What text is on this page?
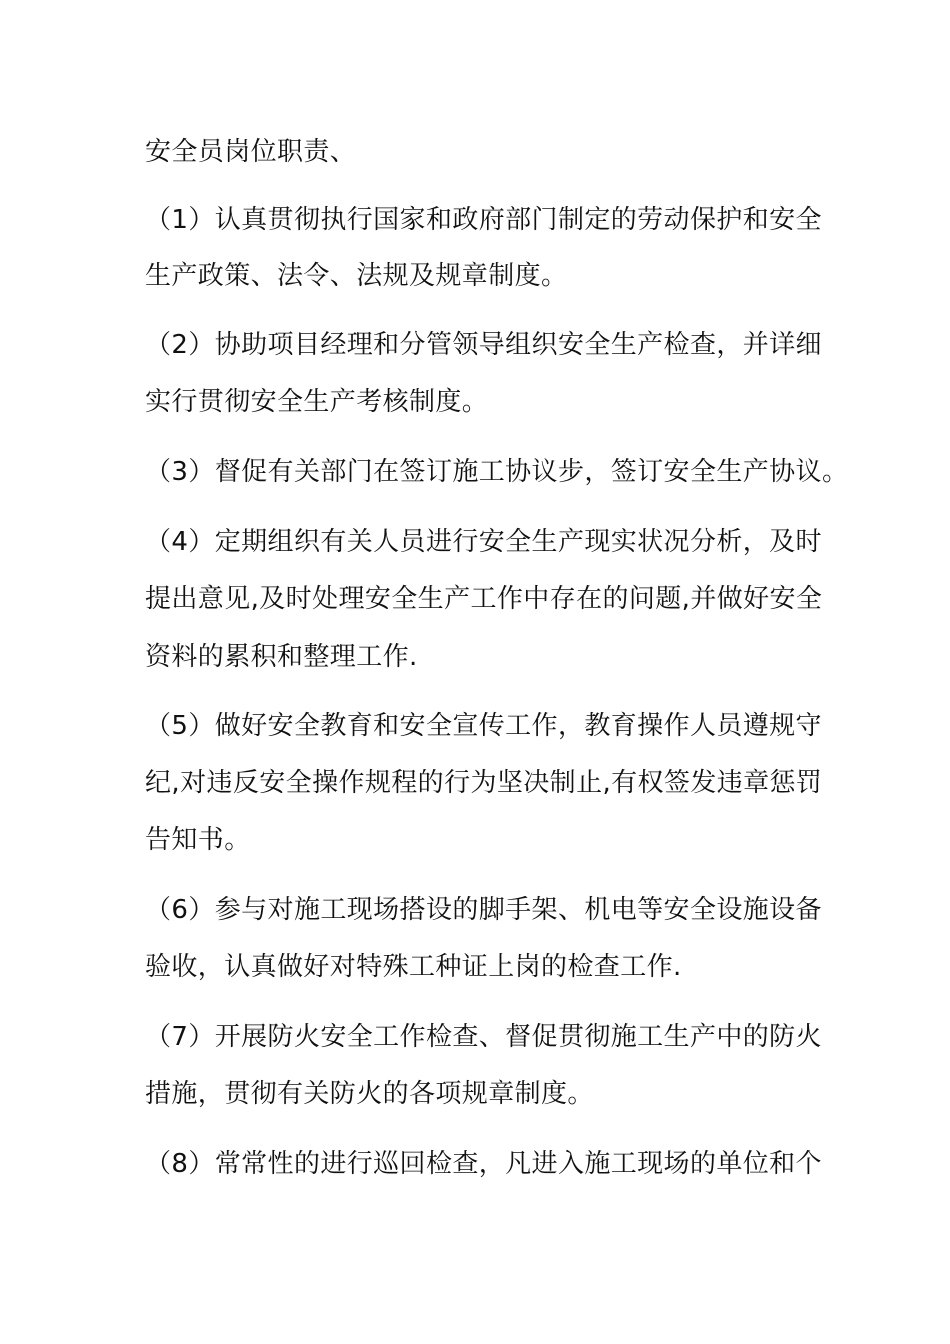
安全员岗位职责、

（1）认真贯彻执行国家和政府部门制定的劳动保护和安全

生产政策、法令、法规及规章制度。

（2）协助项目经理和分管领导组织安全生产检查，并详细

实行贯彻安全生产考核制度。

（3）督促有关部门在签订施工协议步，签订安全生产协议。

（4）定期组织有关人员进行安全生产现实状况分析，及时

提出意见,及时处理安全生产工作中存在的问题,并做好安全

资料的累积和整理工作.

（5）做好安全教育和安全宣传工作，教育操作人员遵规守

纪,对违反安全操作规程的行为坚决制止,有权签发违章惩罚

告知书。

（6）参与对施工现场搭设的脚手架、机电等安全设施设备

验收，认真做好对特殊工种证上岗的检查工作.

（7）开展防火安全工作检查、督促贯彻施工生产中的防火

措施，贯彻有关防火的各项规章制度。

（8）常常性的进行巡回检查，凡进入施工现场的单位和个
